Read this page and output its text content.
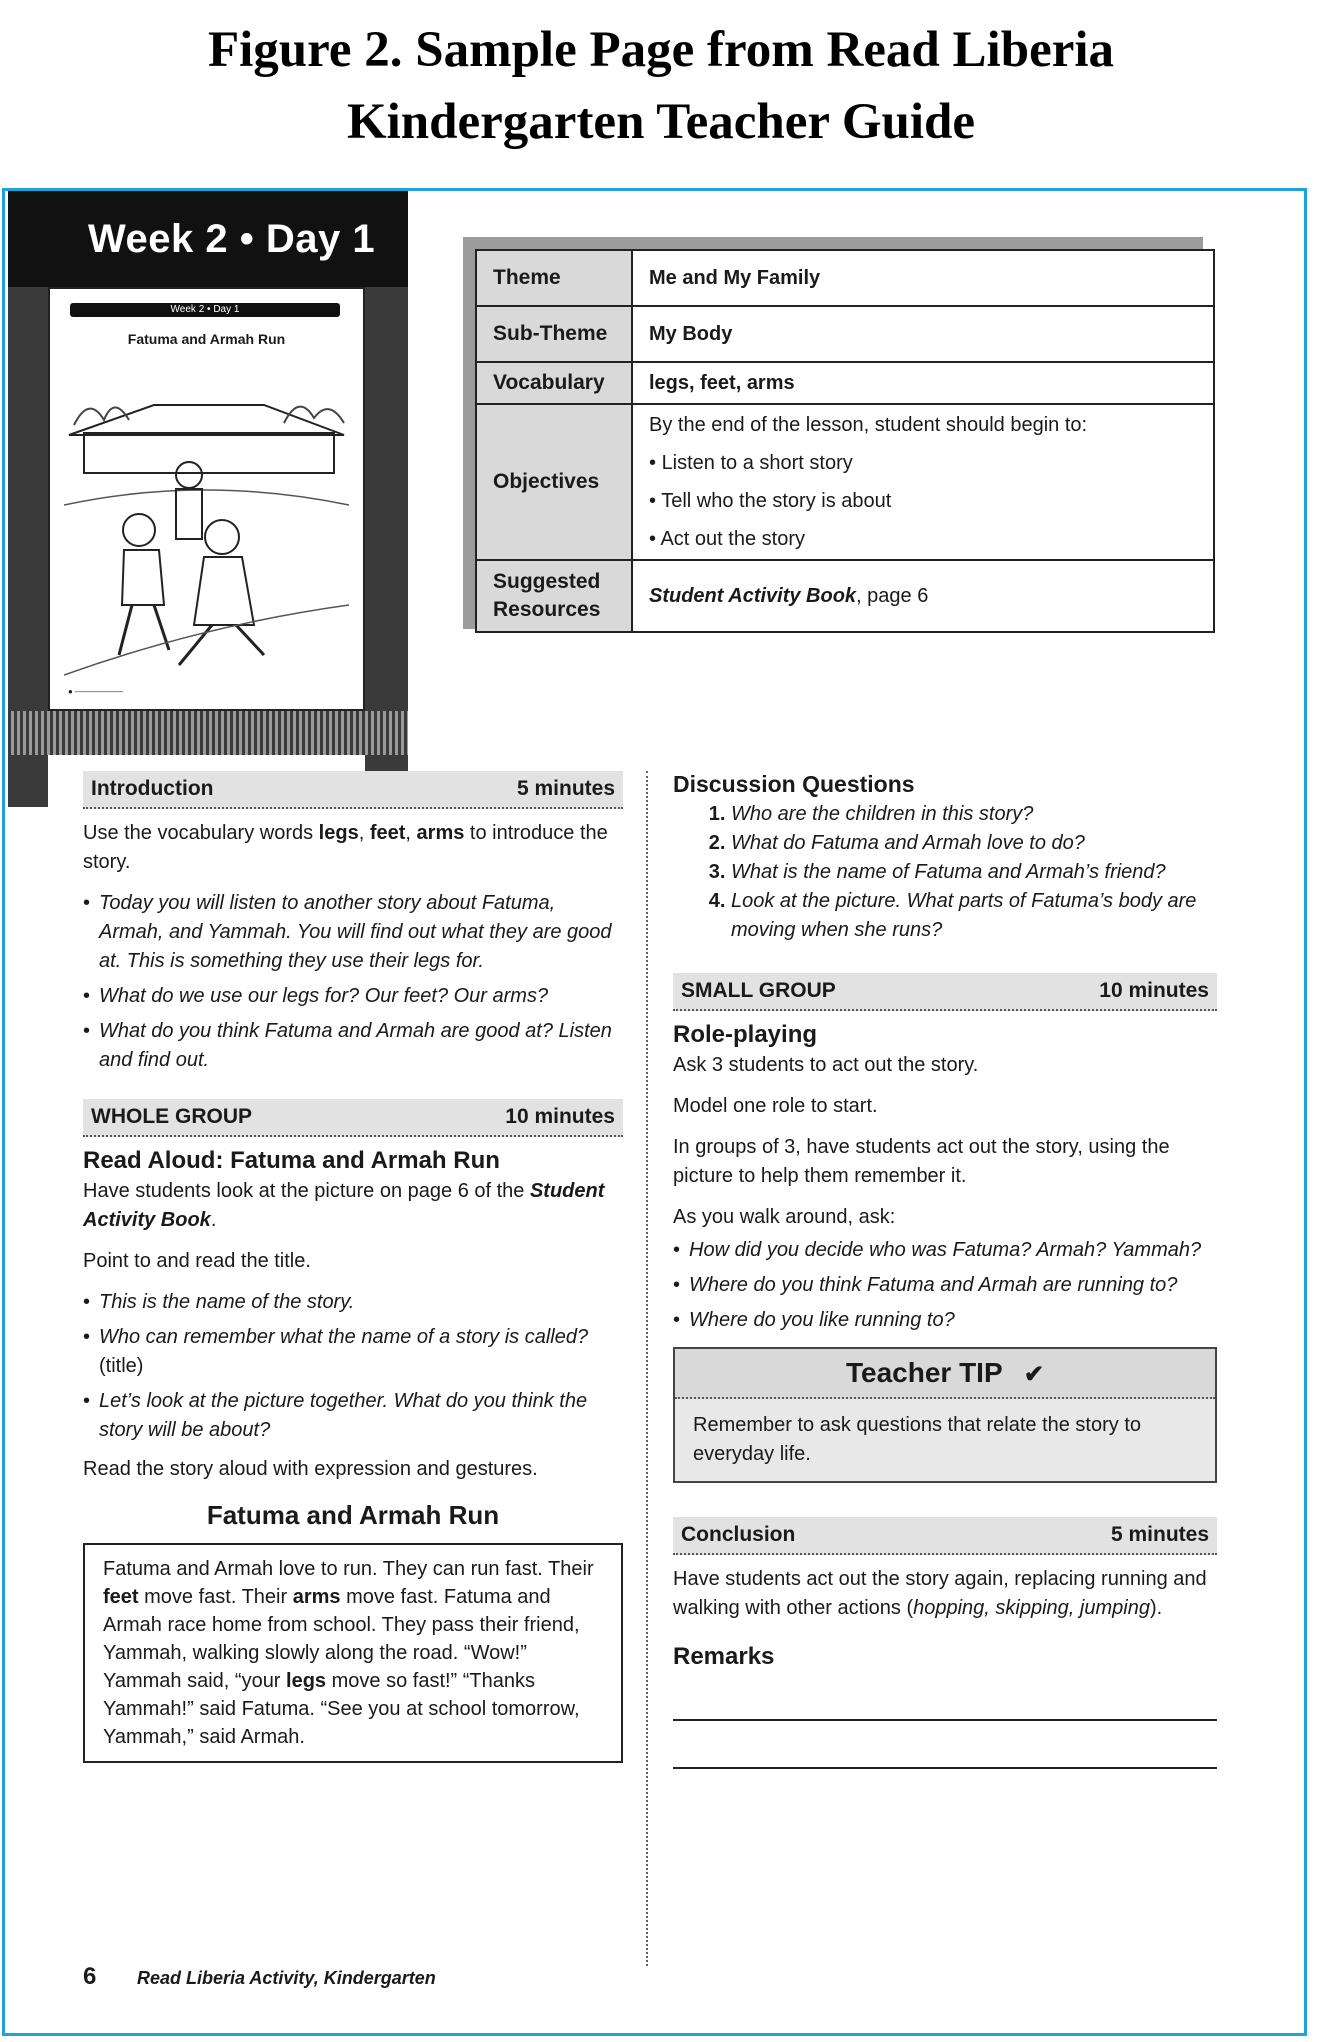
Figure 2. Sample Page from Read Liberia
Kindergarten Teacher Guide
Week 2 • Day 1
Week 2 • Day 1
Fatuma and Armah Run
● ——————
Theme	Me and My Family
Sub-Theme	My Body
Vocabulary	legs, feet, arms
Objectives	By the end of the lesson, student should begin to:
• Listen to a short story
• Tell who the story is about
• Act out the story

Suggested
Resources	Student Activity Book, page 6
Introduction	5 minutes

Use the vocabulary words legs, feet, arms to introduce the story.

• Today you will listen to another story about Fatuma, Armah, and Yammah. You will find out what they are good at. This is something they use their legs for.
• What do we use our legs for? Our feet? Our arms?
• What do you think Fatuma and Armah are good at? Listen and find out.
WHOLE GROUP	10 minutes
Read Aloud: Fatuma and Armah Run

Have students look at the picture on page 6 of the Student Activity Book.

Point to and read the title.

• This is the name of the story.
• Who can remember what the name of a story is called? (title)
• Let’s look at the picture together. What do you think the story will be about?

Read the story aloud with expression and gestures.

Fatuma and Armah Run
Fatuma and Armah love to run. They can run fast. Their feet move fast. Their arms move fast. Fatuma and Armah race home from school. They pass their friend, Yammah, walking slowly along the road. “Wow!” Yammah said, “your legs move so fast!” “Thanks Yammah!” said Fatuma. “See you at school tomorrow, Yammah,” said Armah.
Discussion Questions
1. Who are the children in this story?
2. What do Fatuma and Armah love to do?
3. What is the name of Fatuma and Armah’s friend?
4. Look at the picture. What parts of Fatuma’s body are moving when she runs?
SMALL GROUP	10 minutes
Role-playing

Ask 3 students to act out the story.

Model one role to start.

In groups of 3, have students act out the story, using the picture to help them remember it.

As you walk around, ask:

• How did you decide who was Fatuma? Armah? Yammah?
• Where do you think Fatuma and Armah are running to?
• Where do you like running to?
Teacher TIP ✔
Remember to ask questions that relate the story to everyday life.
Conclusion	5 minutes

Have students act out the story again, replacing running and walking with other actions (hopping, skipping, jumping).

Remarks
6 Read Liberia Activity, Kindergarten
